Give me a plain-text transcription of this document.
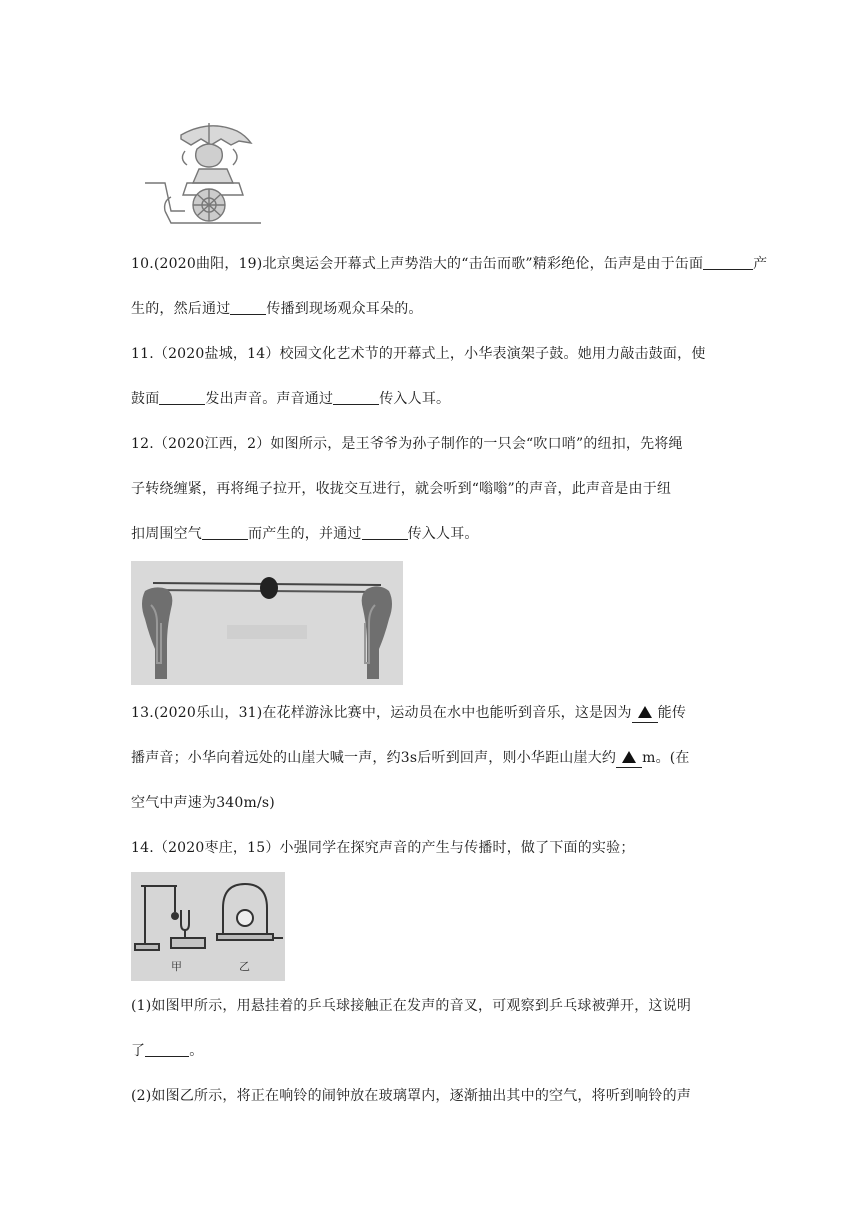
10.(2020曲阳，19)北京奥运会开幕式上声势浩大的“击缶而歌”精彩绝伦，缶声是由于缶面	产
生的，然后通过	传播到现场观众耳朵的。
11.（2020盐城，14）校园文化艺术节的开幕式上，小华表演架子鼓。她用力敲击鼓面，使
鼓面	发出声音。声音通过	传入人耳。
12.（2020江西，2）如图所示，是王爷爷为孙子制作的一只会“吹口哨”的纽扣，先将绳
子转绕缠紧，再将绳子拉开，收拢交互进行，就会听到“嗡嗡”的声音，此声音是由于纽
扣周围空气	而产生的，并通过	传入人耳。
13.(2020乐山，31)在花样游泳比赛中，运动员在水中也能听到音乐，这是因为 能传
播声音；小华向着远处的山崖大喊一声，约3s后听到回声，则小华距山崖大约 m。(在
空气中声速为340m/s)
14.（2020枣庄，15）小强同学在探究声音的产生与传播时，做了下面的实验；
甲	乙
(1)如图甲所示，用悬挂着的乒乓球接触正在发声的音叉，可观察到乒乓球被弹开，这说明
了	。
(2)如图乙所示，将正在响铃的闹钟放在玻璃罩内，逐渐抽出其中的空气，将听到响铃的声
